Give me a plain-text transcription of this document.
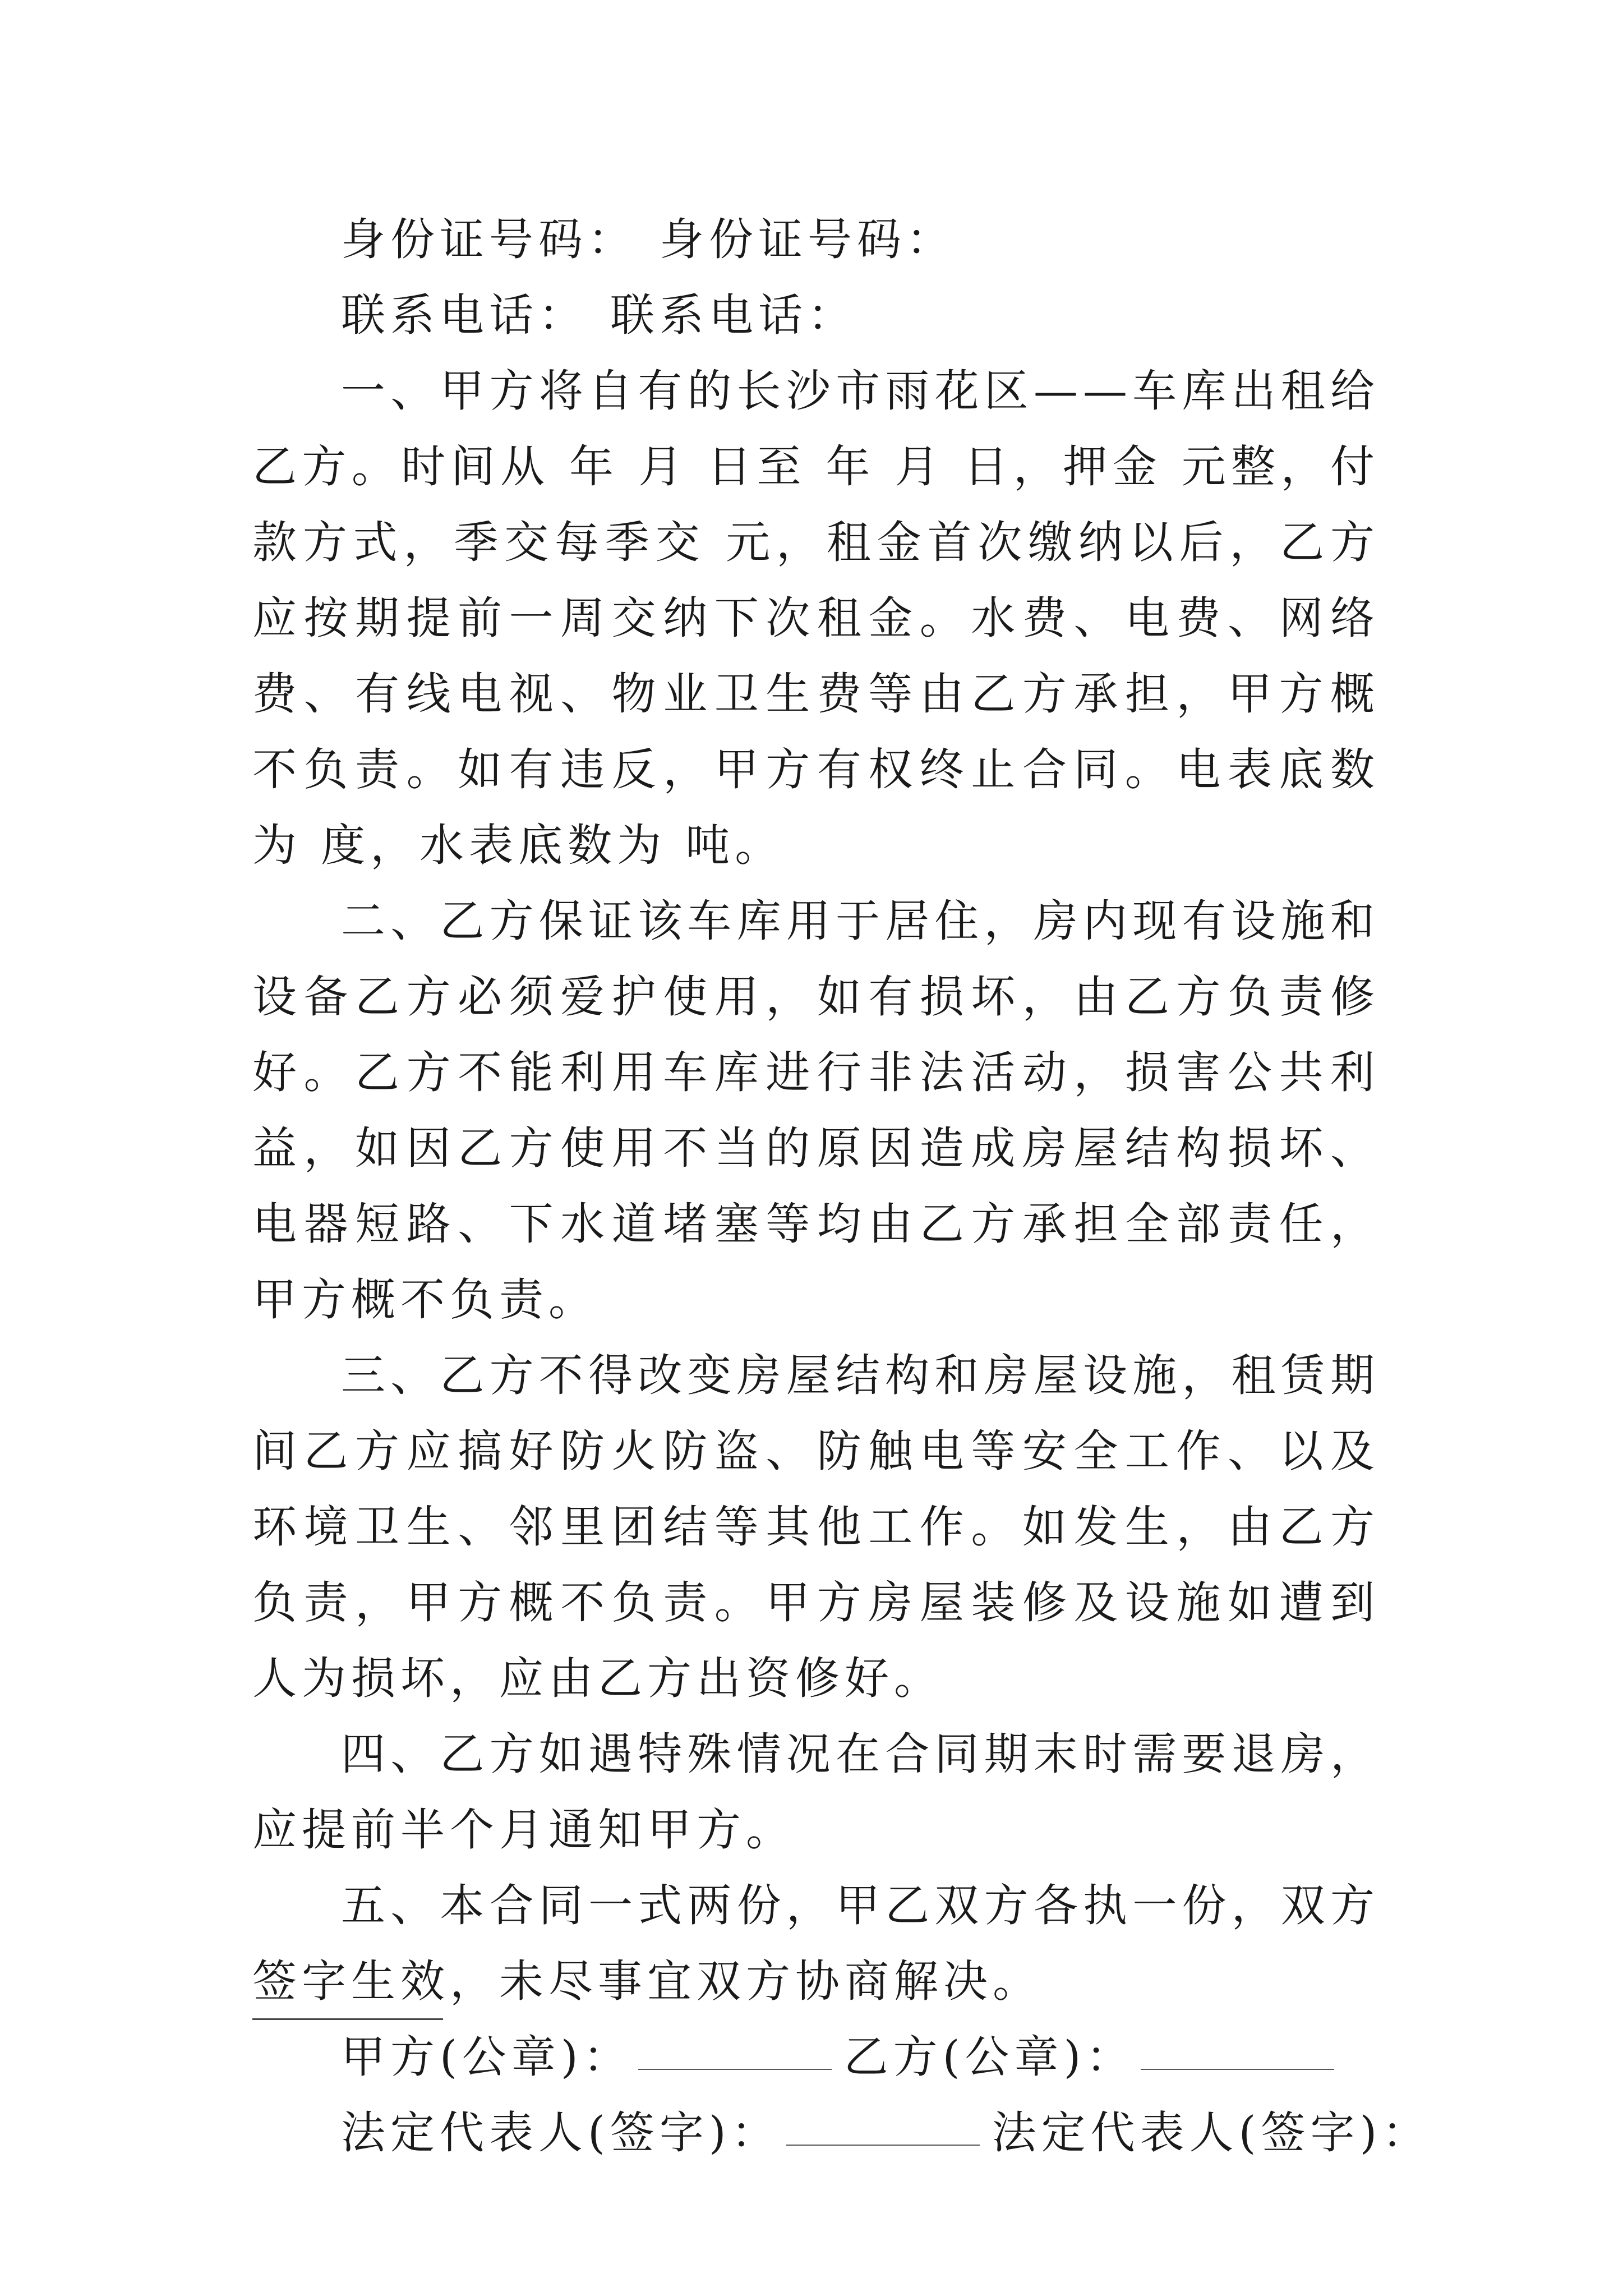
身份证号码： 身份证号码：

联系电话： 联系电话：

一、甲方将自有的长沙市雨花区——车库出租给乙方。时间从 年 月 日至 年 月 日，押金 元整，付款方式，季交每季交 元，租金首次缴纳以后，乙方应按期提前一周交纳下次租金。水费、电费、网络费、有线电视、物业卫生费等由乙方承担，甲方概不负责。如有违反，甲方有权终止合同。电表底数为 度，水表底数为 吨。

二、乙方保证该车库用于居住，房内现有设施和设备乙方必须爱护使用，如有损坏，由乙方负责修好。乙方不能利用车库进行非法活动，损害公共利益，如因乙方使用不当的原因造成房屋结构损坏、电器短路、下水道堵塞等均由乙方承担全部责任，甲方概不负责。

三、乙方不得改变房屋结构和房屋设施，租赁期间乙方应搞好防火防盗、防触电等安全工作、以及环境卫生、邻里团结等其他工作。如发生，由乙方负责，甲方概不负责。甲方房屋装修及设施如遭到人为损坏，应由乙方出资修好。

四、乙方如遇特殊情况在合同期末时需要退房，应提前半个月通知甲方。

五、本合同一式两份，甲乙双方各执一份，双方签字生效，未尽事宜双方协商解决。

甲方(公章)：	乙方(公章)：

法定代表人(签字)：	法定代表人(签字)：
